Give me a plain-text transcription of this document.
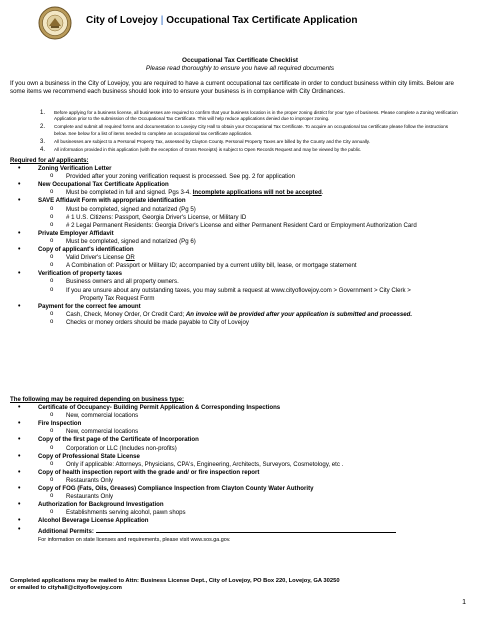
City of Lovejoy | Occupational Tax Certificate Application
Occupational Tax Certificate Checklist
Please read thoroughly to ensure you have all required documents
If you own a business in the City of Lovejoy, you are required to have a current occupational tax certificate in order to conduct business within city limits. Below are some items we recommend each business should look into to ensure your business is in compliance with City Ordinances.
1. Before applying for a business license, all businesses are required to confirm that your business location is in the proper zoning district for your type of business. Please complete a Zoning Verification Application prior to the submission of the Occupational Tax Certificate. This will help reduce applications denied due to improper zoning.
2. Complete and submit all required forms and documentation to Lovejoy City Hall to obtain your Occupational Tax Certificate. To acquire an occupational tax certificate please follow the instructions below. See below for a list of items needed to complete an occupational tax certificate application.
3. All businesses are subject to a Personal Property Tax, assessed by Clayton County. Personal Property Taxes are billed by the County and the City annually.
4. All information provided in this application (with the exception of Gross Receipts) is subject to Open Records Request and may be viewed by the public.
Required for all applicants:
• Zoning Verification Letter
o Provided after your zoning verification request is processed. See pg. 2 for application
• New Occupational Tax Certificate Application
o Must be completed in full and signed. Pgs 3-4. Incomplete applications will not be accepted.
• SAVE Affidavit Form with appropriate identification
o Must be completed, signed and notarized (Pg 5)
o # 1 U.S. Citizens: Passport, Georgia Driver's License, or Military ID
o # 2 Legal Permanent Residents: Georgia Driver's License and either Permanent Resident Card or Employment Authorization Card
• Private Employer Affidavit
o Must be completed, signed and notarized (Pg 6)
• Copy of applicant's identification
o Valid Driver's License OR
o A Combination of: Passport or Military ID; accompanied by a current utility bill, lease, or mortgage statement
• Verification of property taxes
o Business owners and all property owners.
o If you are unsure about any outstanding taxes, you may submit a request at www.cityoflovejoy.com > Government > City Clerk >
Property Tax Request Form
• Payment for the correct fee amount
o Cash, Check, Money Order, Or Credit Card; An invoice will be provided after your application is submitted and processed.
o Checks or money orders should be made payable to City of Lovejoy
The following may be required depending on business type:
• Certificate of Occupancy- Building Permit Application & Corresponding Inspections
o New, commercial locations
• Fire Inspection
o New, commercial locations
• Copy of the first page of the Certificate of Incorporation
o Corporation or LLC (Includes non-profits)
• Copy of Professional State License
o Only if applicable: Attorneys, Physicians, CPA's, Engineering, Architects, Surveyors, Cosmetology, etc .
• Copy of health inspection report with the grade and/ or fire inspection report
o Restaurants Only
• Copy of FOG (Fats, Oils, Greases) Compliance Inspection from Clayton County Water Authority
o Restaurants Only
• Authorization for Background Investigation
o Establishments serving alcohol, pawn shops
• Alcohol Beverage License Application
• Additional Permits:
For information on state licenses and requirements, please visit www.sos.ga.gov.
Completed applications may be mailed to Attn: Business License Dept., City of Lovejoy, PO Box 220, Lovejoy, GA 30250
or emailed to cityhall@cityoflovejoy.com
1
